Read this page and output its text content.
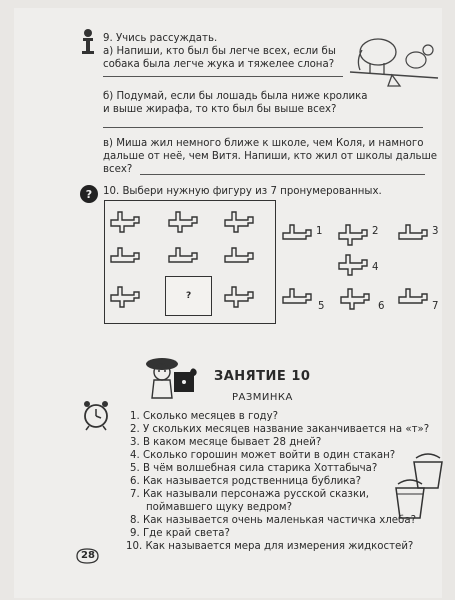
9. Учись рассуждать.
а) Напиши, кто был бы легче всех, если бы
собака была легче жука и тяжелее слона?
б) Подумай, если бы лошадь была ниже кролика
и выше жирафа, то кто был бы выше всех?
в) Миша жил немного ближе к школе, чем Коля, и намного
дальше от неё, чем Витя. Напиши, кто жил от школы дальше
всех?
? 10. Выбери нужную фигуру из 7 пронумерованных.
?
1	2	3
4
5	6	7
ЗАНЯТИЕ 10
РАЗМИНКА
1. Сколько месяцев в году?
2. У скольких месяцев название заканчивается на «т»?
3. В каком месяце бывает 28 дней?
4. Сколько горошин может войти в один стакан?
5. В чём волшебная сила старика Хоттабыча?
6. Как называется родственница бублика?
7. Как называли персонажа русской сказки,
поймавшего щуку ведром?
8. Как называется очень маленькая частичка хлеба?
9. Где край света?
10. Как называется мера для измерения жидкостей?
28
